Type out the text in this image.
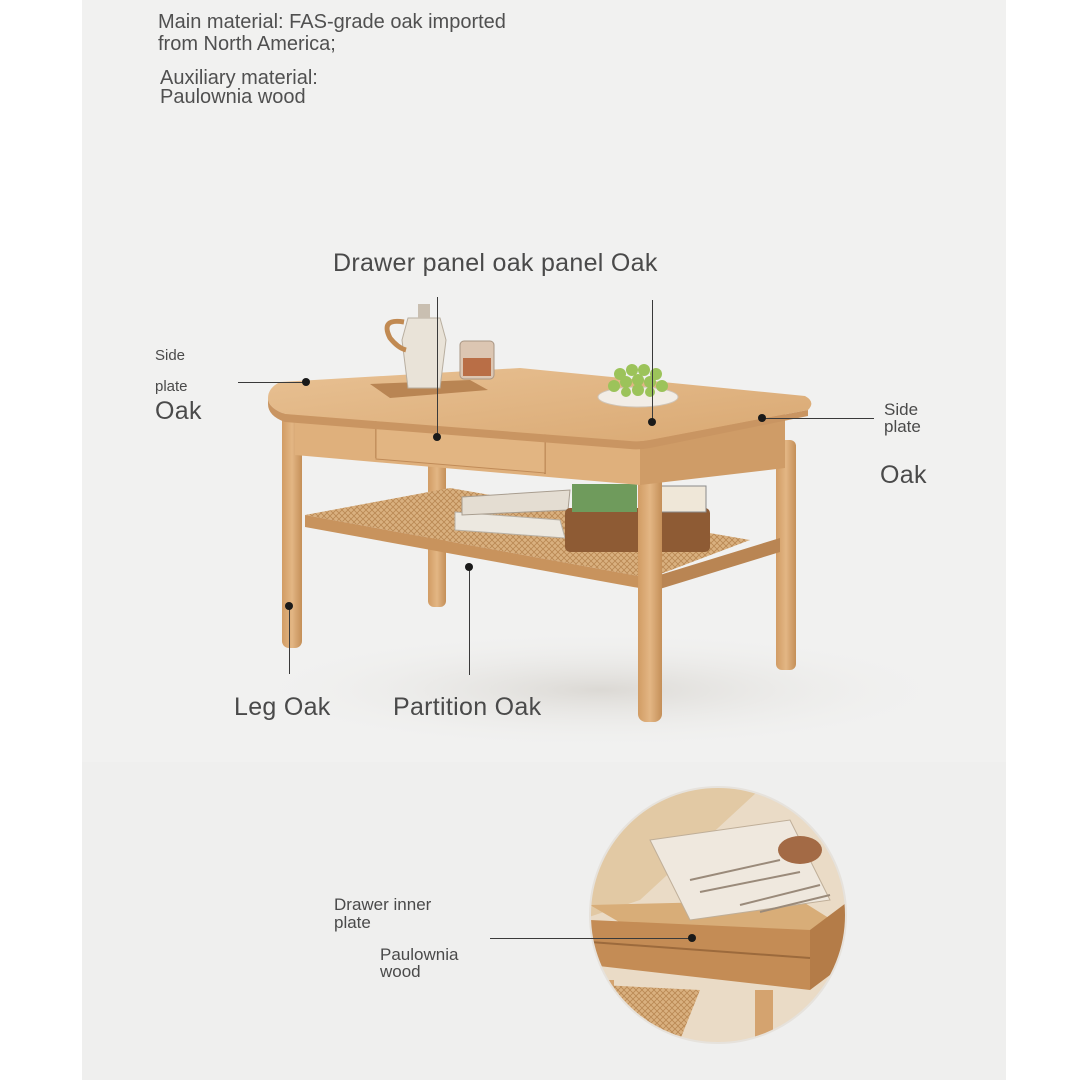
Main material: FAS-grade oak imported

from North America;

Auxiliary material:

Paulownia wood

Drawer panel oak panel Oak

Side

plate

Oak	Side

plate

Oak

Leg Oak Partition Oak

Drawer inner

plate

Paulownia

wood
